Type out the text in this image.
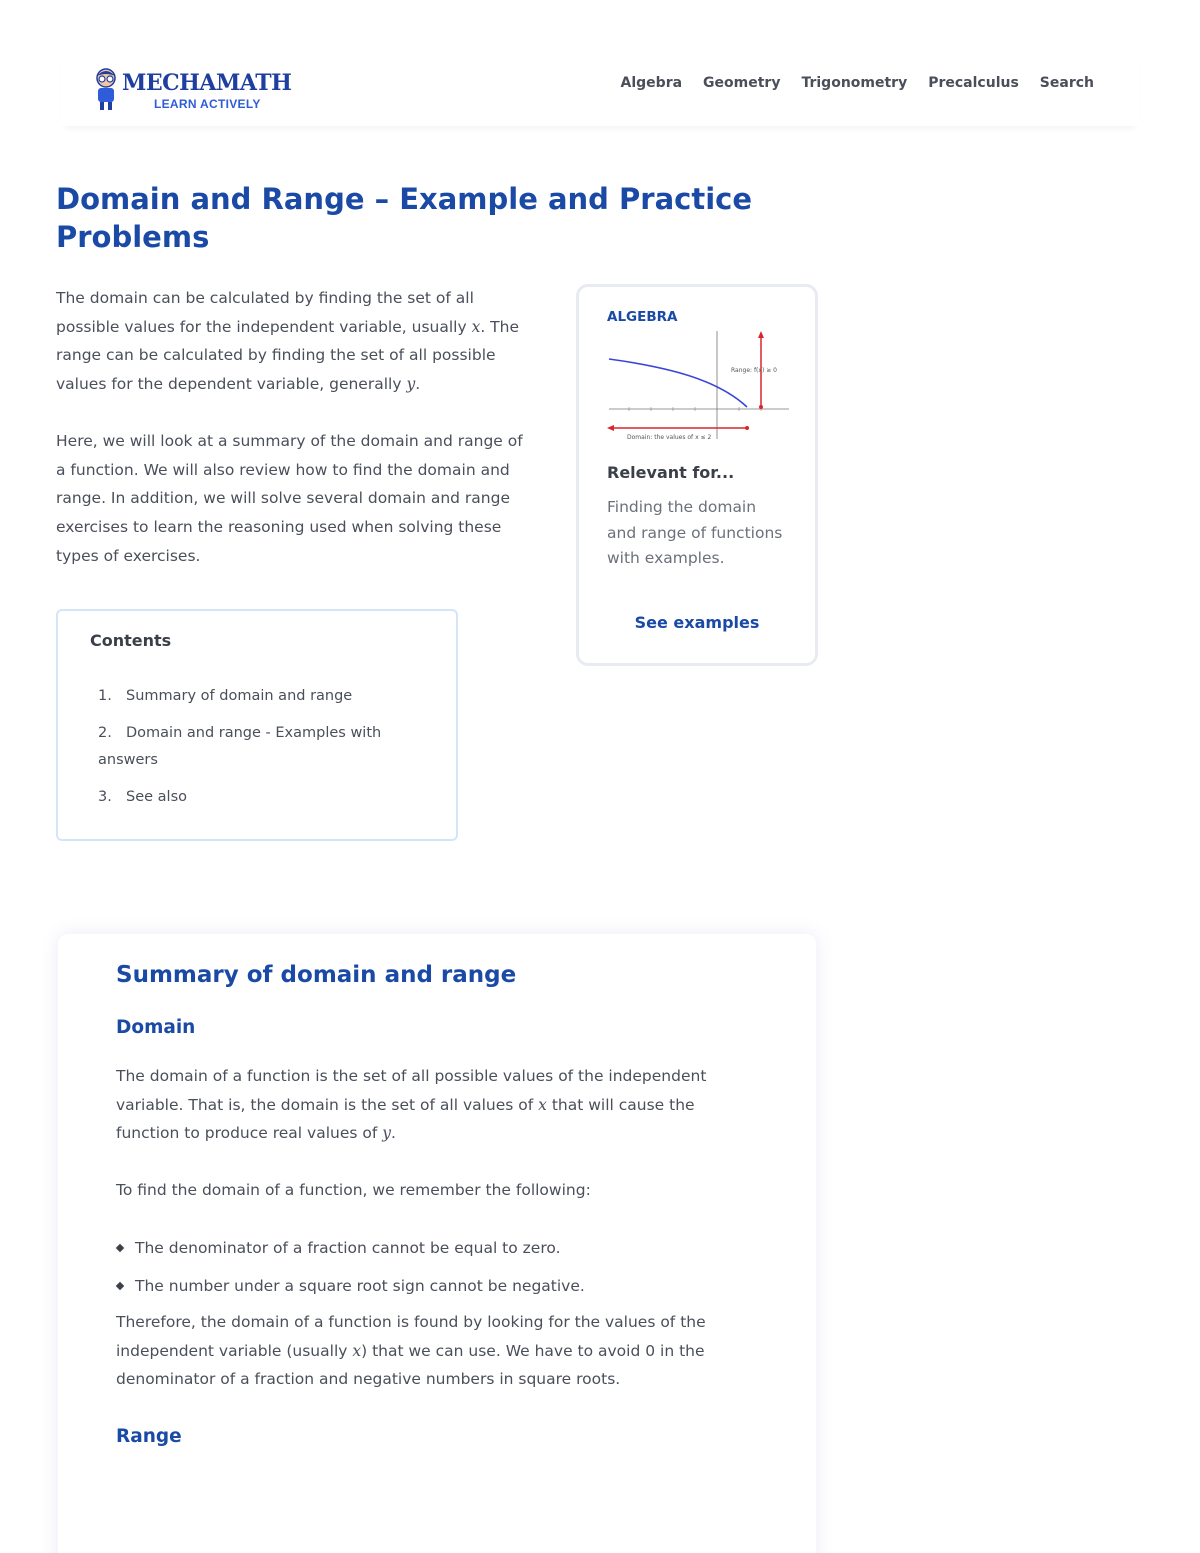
MECHAMATH
LEARN ACTIVELY
Algebra Geometry Trigonometry Precalculus Search
Domain and Range – Example and Practice Problems

The domain can be calculated by finding the set of all possible values for the independent variable, usually x. The range can be calculated by finding the set of all possible values for the dependent variable, generally y.

Here, we will look at a summary of the domain and range of a function. We will also review how to find the domain and range. In addition, we will solve several domain and range exercises to learn the reasoning used when solving these types of exercises.

Contents
1. Summary of domain and range
2. Domain and range - Examples with answers
3. See also
ALGEBRA
Range: f(x) ≥ 0
Domain: the values of x ≤ 2
Relevant for...
Finding the domain and range of functions with examples.
See examples
Summary of domain and range
Domain

The domain of a function is the set of all possible values of the independent variable. That is, the domain is the set of all values of x that will cause the function to produce real values of y.

To find the domain of a function, we remember the following:

The denominator of a fraction cannot be equal to zero.
The number under a square root sign cannot be negative.

Therefore, the domain of a function is found by looking for the values of the independent variable (usually x) that we can use. We have to avoid 0 in the denominator of a fraction and negative numbers in square roots.

Range
